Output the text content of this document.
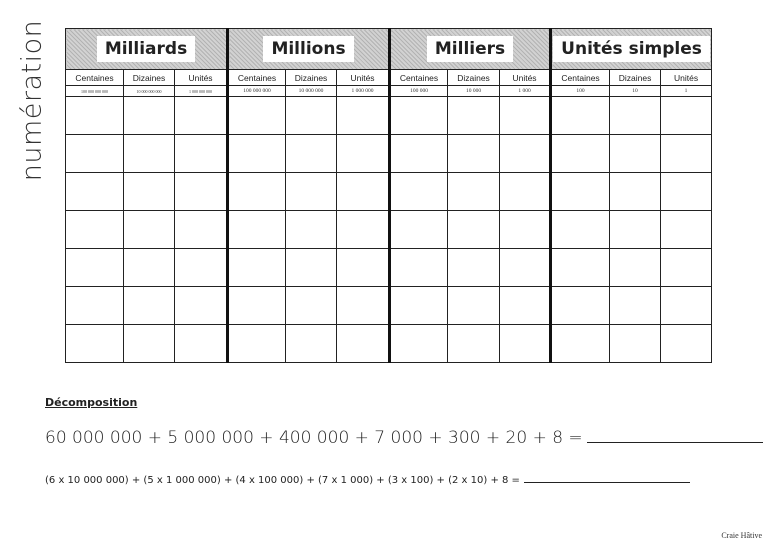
numération	Milliards			Millions			Milliers			Unités simples		
Centaines	Dizaines	Unités	Centaines	Dizaines	Unités	Centaines	Dizaines	Unités	Centaines	Dizaines	Unités
100 000 000 000	10 000 000 000	1 000 000 000	100 000 000	10 000 000	1 000 000	100 000	10 000	1 000	100	10	1

Décomposition
60 000 000 + 5 000 000 + 400 000 + 7 000 + 300 + 20 + 8 =
(6 x 10 000 000) + (5 x 1 000 000) + (4 x 100 000) + (7 x 1 000) + (3 x 100) + (2 x 10) + 8 =
Craie Hâtive
